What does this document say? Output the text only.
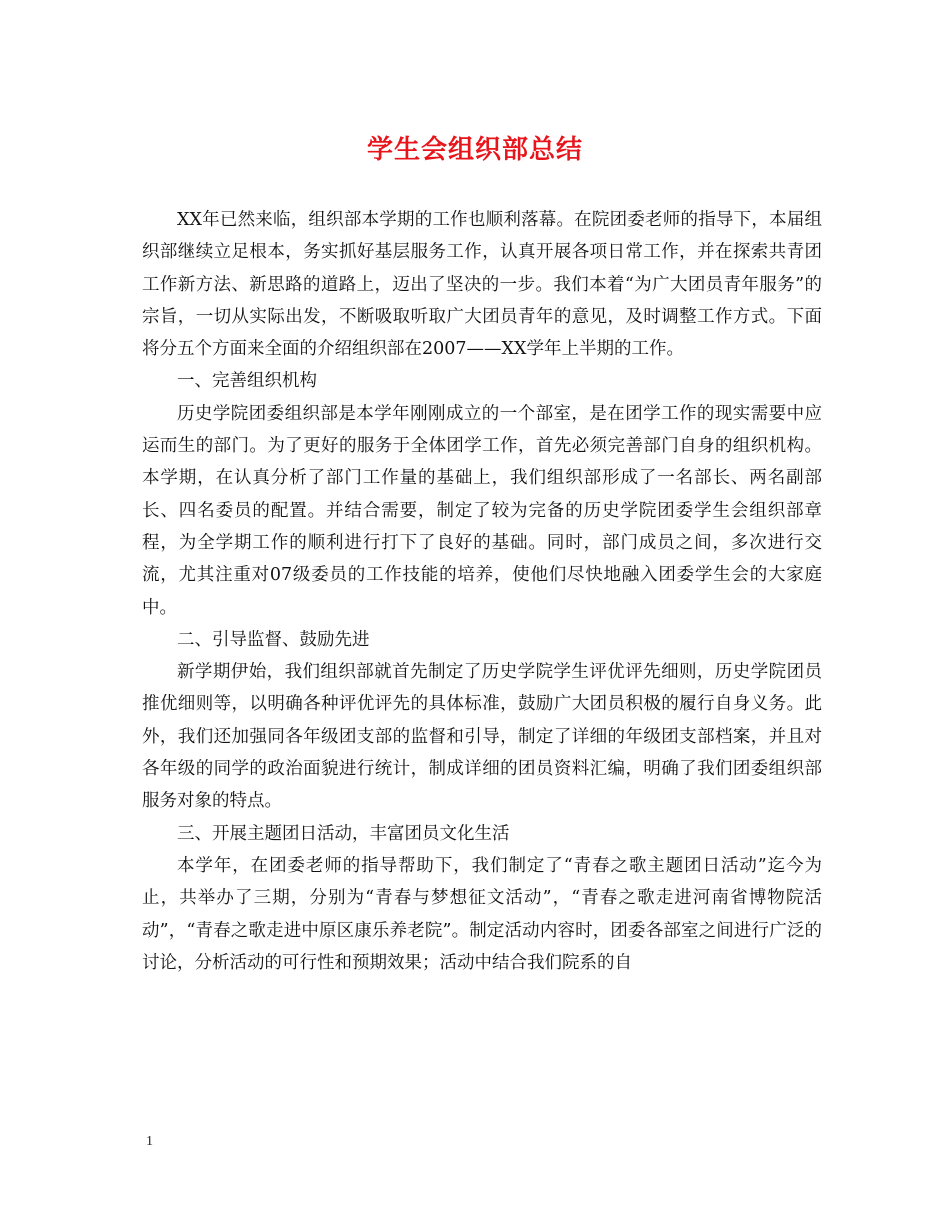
学生会组织部总结

XX年已然来临，组织部本学期的工作也顺利落幕。在院团委老师的指导下，本届组织部继续立足根本，务实抓好基层服务工作，认真开展各项日常工作，并在探索共青团工作新方法、新思路的道路上，迈出了坚决的一步。我们本着“为广大团员青年服务”的宗旨，一切从实际出发，不断吸取听取广大团员青年的意见，及时调整工作方式。下面将分五个方面来全面的介绍组织部在2007——XX学年上半期的工作。

一、完善组织机构

历史学院团委组织部是本学年刚刚成立的一个部室，是在团学工作的现实需要中应运而生的部门。为了更好的服务于全体团学工作，首先必须完善部门自身的组织机构。本学期，在认真分析了部门工作量的基础上，我们组织部形成了一名部长、两名副部长、四名委员的配置。并结合需要，制定了较为完备的历史学院团委学生会组织部章程，为全学期工作的顺利进行打下了良好的基础。同时，部门成员之间，多次进行交流，尤其注重对07级委员的工作技能的培养，使他们尽快地融入团委学生会的大家庭中。

二、引导监督、鼓励先进

新学期伊始，我们组织部就首先制定了历史学院学生评优评先细则，历史学院团员推优细则等，以明确各种评优评先的具体标准，鼓励广大团员积极的履行自身义务。此外，我们还加强同各年级团支部的监督和引导，制定了详细的年级团支部档案，并且对各年级的同学的政治面貌进行统计，制成详细的团员资料汇编，明确了我们团委组织部服务对象的特点。

三、开展主题团日活动，丰富团员文化生活

本学年，在团委老师的指导帮助下，我们制定了“青春之歌主题团日活动”迄今为止，共举办了三期，分别为“青春与梦想征文活动”，“青春之歌走进河南省博物院活动”，“青春之歌走进中原区康乐养老院”。制定活动内容时，团委各部室之间进行广泛的讨论，分析活动的可行性和预期效果；活动中结合我们院系的自

1
